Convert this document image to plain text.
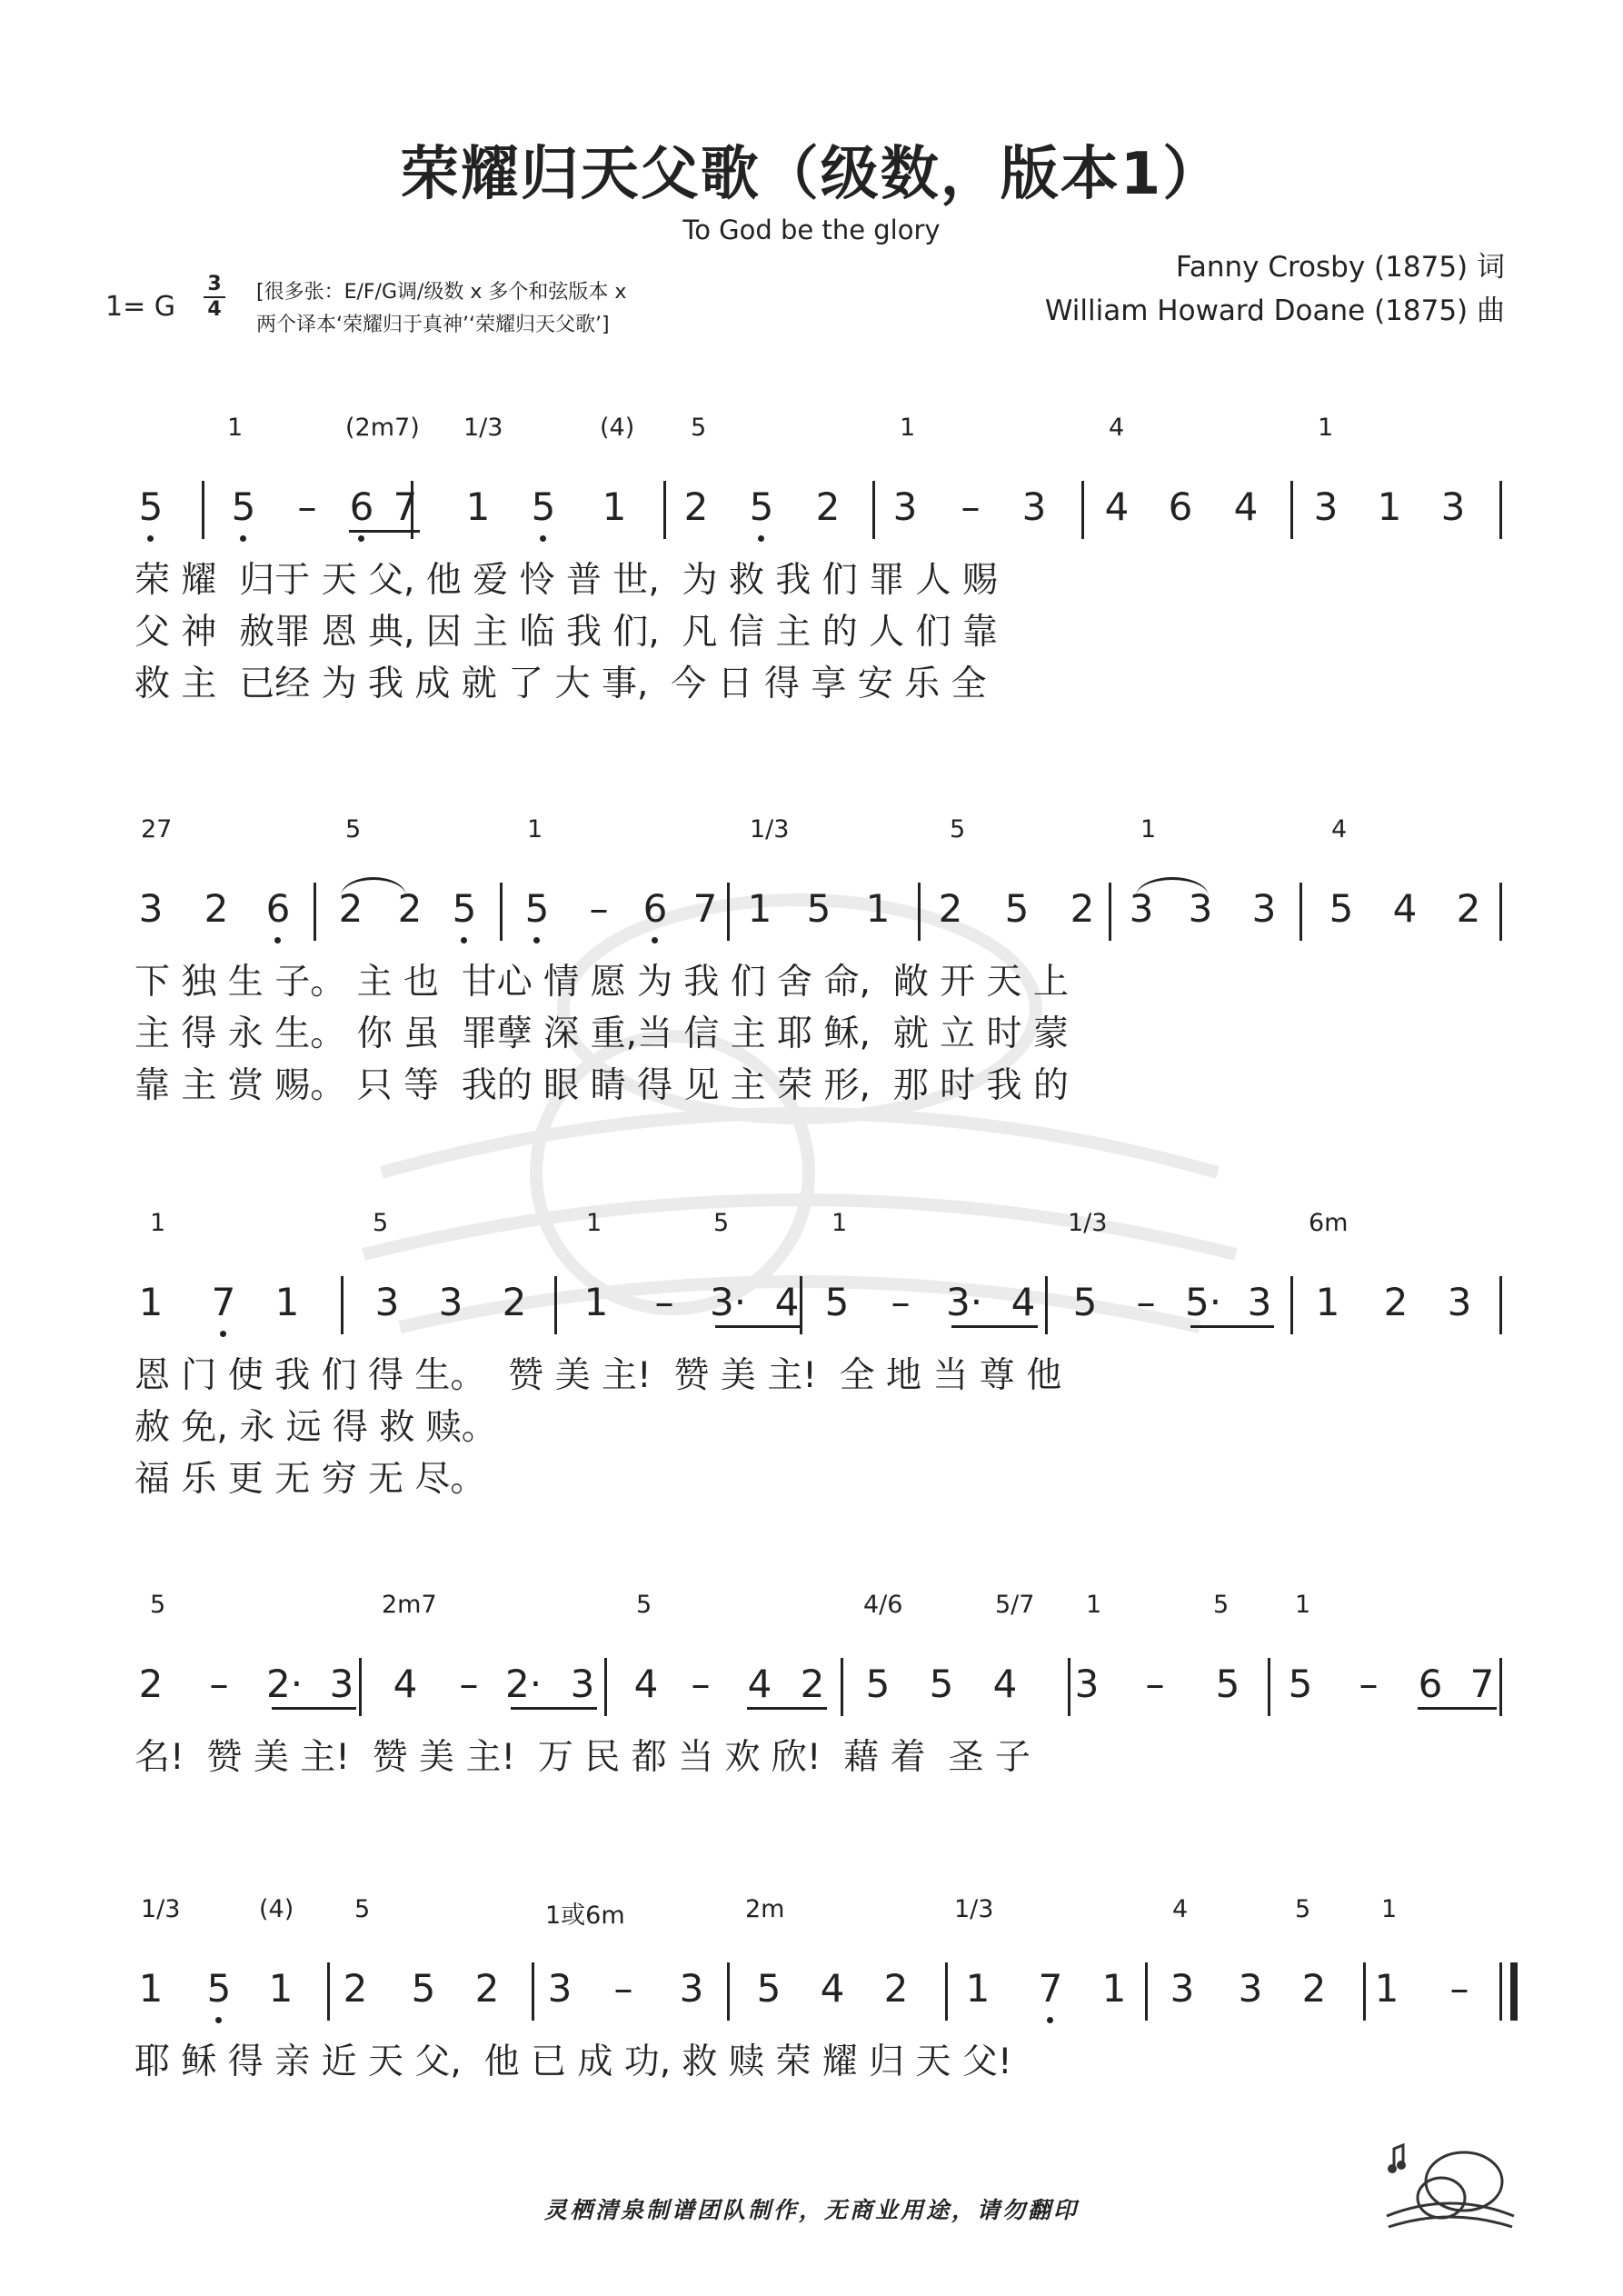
荣耀归天父歌（级数，版本1）
To God be the glory
1= G
3
4
[很多张：E/F/G调/级数 x 多个和弦版本 x
两个译本‘荣耀归于真神’‘荣耀归天父歌’]
Fanny Crosby (1875) 词
William Howard Doane (1875) 曲
1	(2m7) 1/3	(4) 5	1	4	1
5 5 – 6 7 1 5 1 2 5 2 3 – 3 4 6 4 3 1 3
荣 耀  归于 天 父, 他 爱 怜 普 世,  为 救 我 们 罪 人 赐
父 神  赦罪 恩 典, 因 主 临 我 们,  凡 信 主 的 人 们 靠
救 主  已经 为 我 成 就 了 大 事,  今 日 得 享 安 乐 全
27	5	1	1/3	5	1	4
3 2 6 2 2 5 5 – 6 7 1 5 1 2 5 2 3 3 3 5 4 2
下 独 生 子。 主 也  甘心 情 愿 为 我 们 舍 命,  敞 开 天 上
主 得 永 生。 你 虽  罪孽 深 重,当 信 主 耶 稣,  就 立 时 蒙
靠 主 赏 赐。 只 等  我的 眼 睛 得 见 主 荣 形,  那 时 我 的
1	5	1	5	1	1/3	6m
1 7 1 3 3 2 1 – 3· 4 5 – 3· 4 5 – 5· 3 1 2 3
恩 门 使 我 们 得 生。  赞 美 主!  赞 美 主!  全 地 当 尊 他
赦 免, 永 远 得 救 赎。
福 乐 更 无 穷 无 尽。
5	2m7	5	4/6	5/7 1	5	1
2 – 2· 3 4 – 2· 3 4 – 4 2 5 5 4 3 – 5 5 – 6 7
名!  赞 美 主!  赞 美 主!  万 民 都 当 欢 欣!  藉 着  圣 子
1/3	(4) 5	1或6m	2m	1/3	4	5	1
1 5 1 2 5 2 3 – 3 5 4 2 1 7 1 3 3 2 1 –
耶 稣 得 亲 近 天 父,  他 已 成 功, 救 赎 荣 耀 归 天 父!
灵栖清泉制谱团队制作，无商业用途，请勿翻印
